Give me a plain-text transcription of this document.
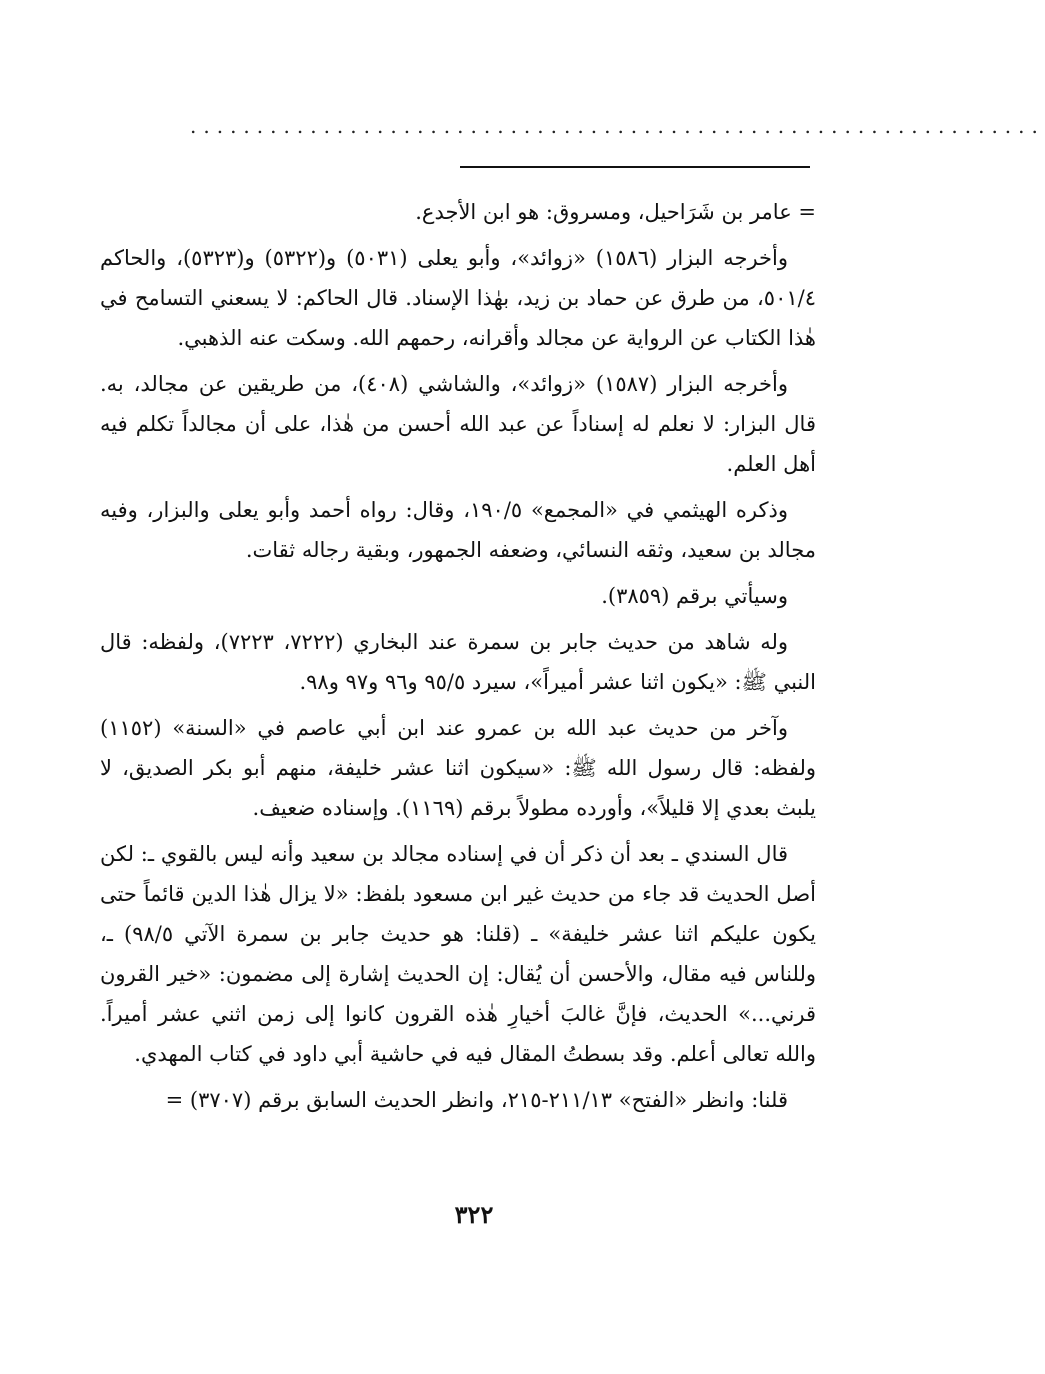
................................................................

= عامر بن شَرَاحيل، ومسروق: هو ابن الأجدع.

وأخرجه البزار (١٥٨٦) «زوائد»، وأبو يعلى (٥٠٣١) و(٥٣٢٢) و(٥٣٢٣)، والحاكم ٥٠١/٤، من طرق عن حماد بن زيد، بهٰذا الإسناد. قال الحاكم: لا يسعني التسامح في هٰذا الكتاب عن الرواية عن مجالد وأقرانه، رحمهم الله. وسكت عنه الذهبي.

وأخرجه البزار (١٥٨٧) «زوائد»، والشاشي (٤٠٨)، من طريقين عن مجالد، به. قال البزار: لا نعلم له إسناداً عن عبد الله أحسن من هٰذا، على أن مجالداً تكلم فيه أهل العلم.

وذكره الهيثمي في «المجمع» ١٩٠/٥، وقال: رواه أحمد وأبو يعلى والبزار، وفيه مجالد بن سعيد، وثقه النسائي، وضعفه الجمهور، وبقية رجاله ثقات.

وسيأتي برقم (٣٨٥٩).

وله شاهد من حديث جابر بن سمرة عند البخاري (٧٢٢٢، ٧٢٢٣)، ولفظه: قال النبي ﷺ: «يكون اثنا عشر أميراً»، سيرد ٩٥/٥ و٩٦ و٩٧ و٩٨.

وآخر من حديث عبد الله بن عمرو عند ابن أبي عاصم في «السنة» (١١٥٢) ولفظه: قال رسول الله ﷺ: «سيكون اثنا عشر خليفة، منهم أبو بكر الصديق، لا يلبث بعدي إلا قليلاً»، وأورده مطولاً برقم (١١٦٩). وإسناده ضعيف.

قال السندي ـ بعد أن ذكر أن في إسناده مجالد بن سعيد وأنه ليس بالقوي ـ: لكن أصل الحديث قد جاء من حديث غير ابن مسعود بلفظ: «لا يزال هٰذا الدين قائماً حتى يكون عليكم اثنا عشر خليفة» ـ (قلنا: هو حديث جابر بن سمرة الآتي ٩٨/٥) ـ، وللناس فيه مقال، والأحسن أن يُقال: إن الحديث إشارة إلى مضمون: «خير القرون قرني...» الحديث، فإنَّ غالبَ أخيارِ هٰذه القرون كانوا إلى زمن اثني عشر أميراً. والله تعالى أعلم. وقد بسطتُ المقال فيه في حاشية أبي داود في كتاب المهدي.

قلنا: وانظر «الفتح» ٢١١/١٣-٢١٥، وانظر الحديث السابق برقم (٣٧٠٧) =

٣٢٢
